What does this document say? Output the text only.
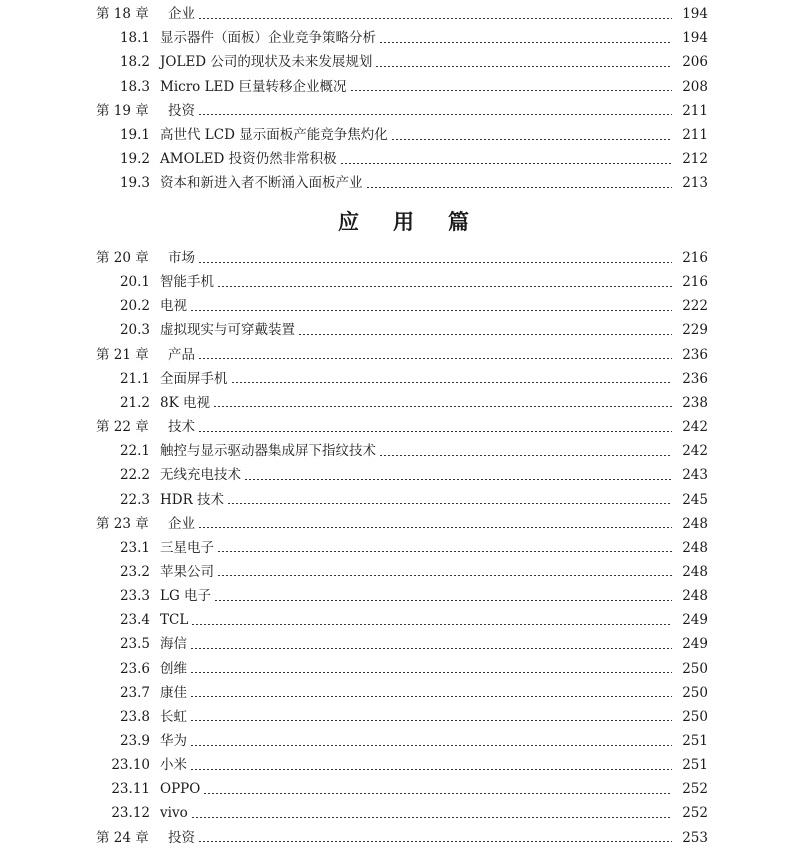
第 18 章	企业	194
18.1 显示器件（面板）企业竞争策略分析	194
18.2 JOLED 公司的现状及未来发展规划	206
18.3 Micro LED 巨量转移企业概况	208
第 19 章	投资	211
19.1 高世代 LCD 显示面板产能竞争焦灼化	211
19.2 AMOLED 投资仍然非常积极	212
19.3 资本和新进入者不断涌入面板产业	213
应用篇
第 20 章	市场	216
20.1 智能手机	216
20.2 电视	222
20.3 虚拟现实与可穿戴装置	229
第 21 章	产品	236
21.1 全面屏手机	236
21.2 8K 电视	238
第 22 章	技术	242
22.1 触控与显示驱动器集成屏下指纹技术	242
22.2 无线充电技术	243
22.3 HDR 技术	245
第 23 章	企业	248
23.1 三星电子	248
23.2 苹果公司	248
23.3 LG 电子	248
23.4 TCL	249
23.5 海信	249
23.6 创维	250
23.7 康佳	250
23.8 长虹	250
23.9 华为	251
23.10 小米	251
23.11 OPPO	252
23.12 vivo	252
第 24 章	投资	253
